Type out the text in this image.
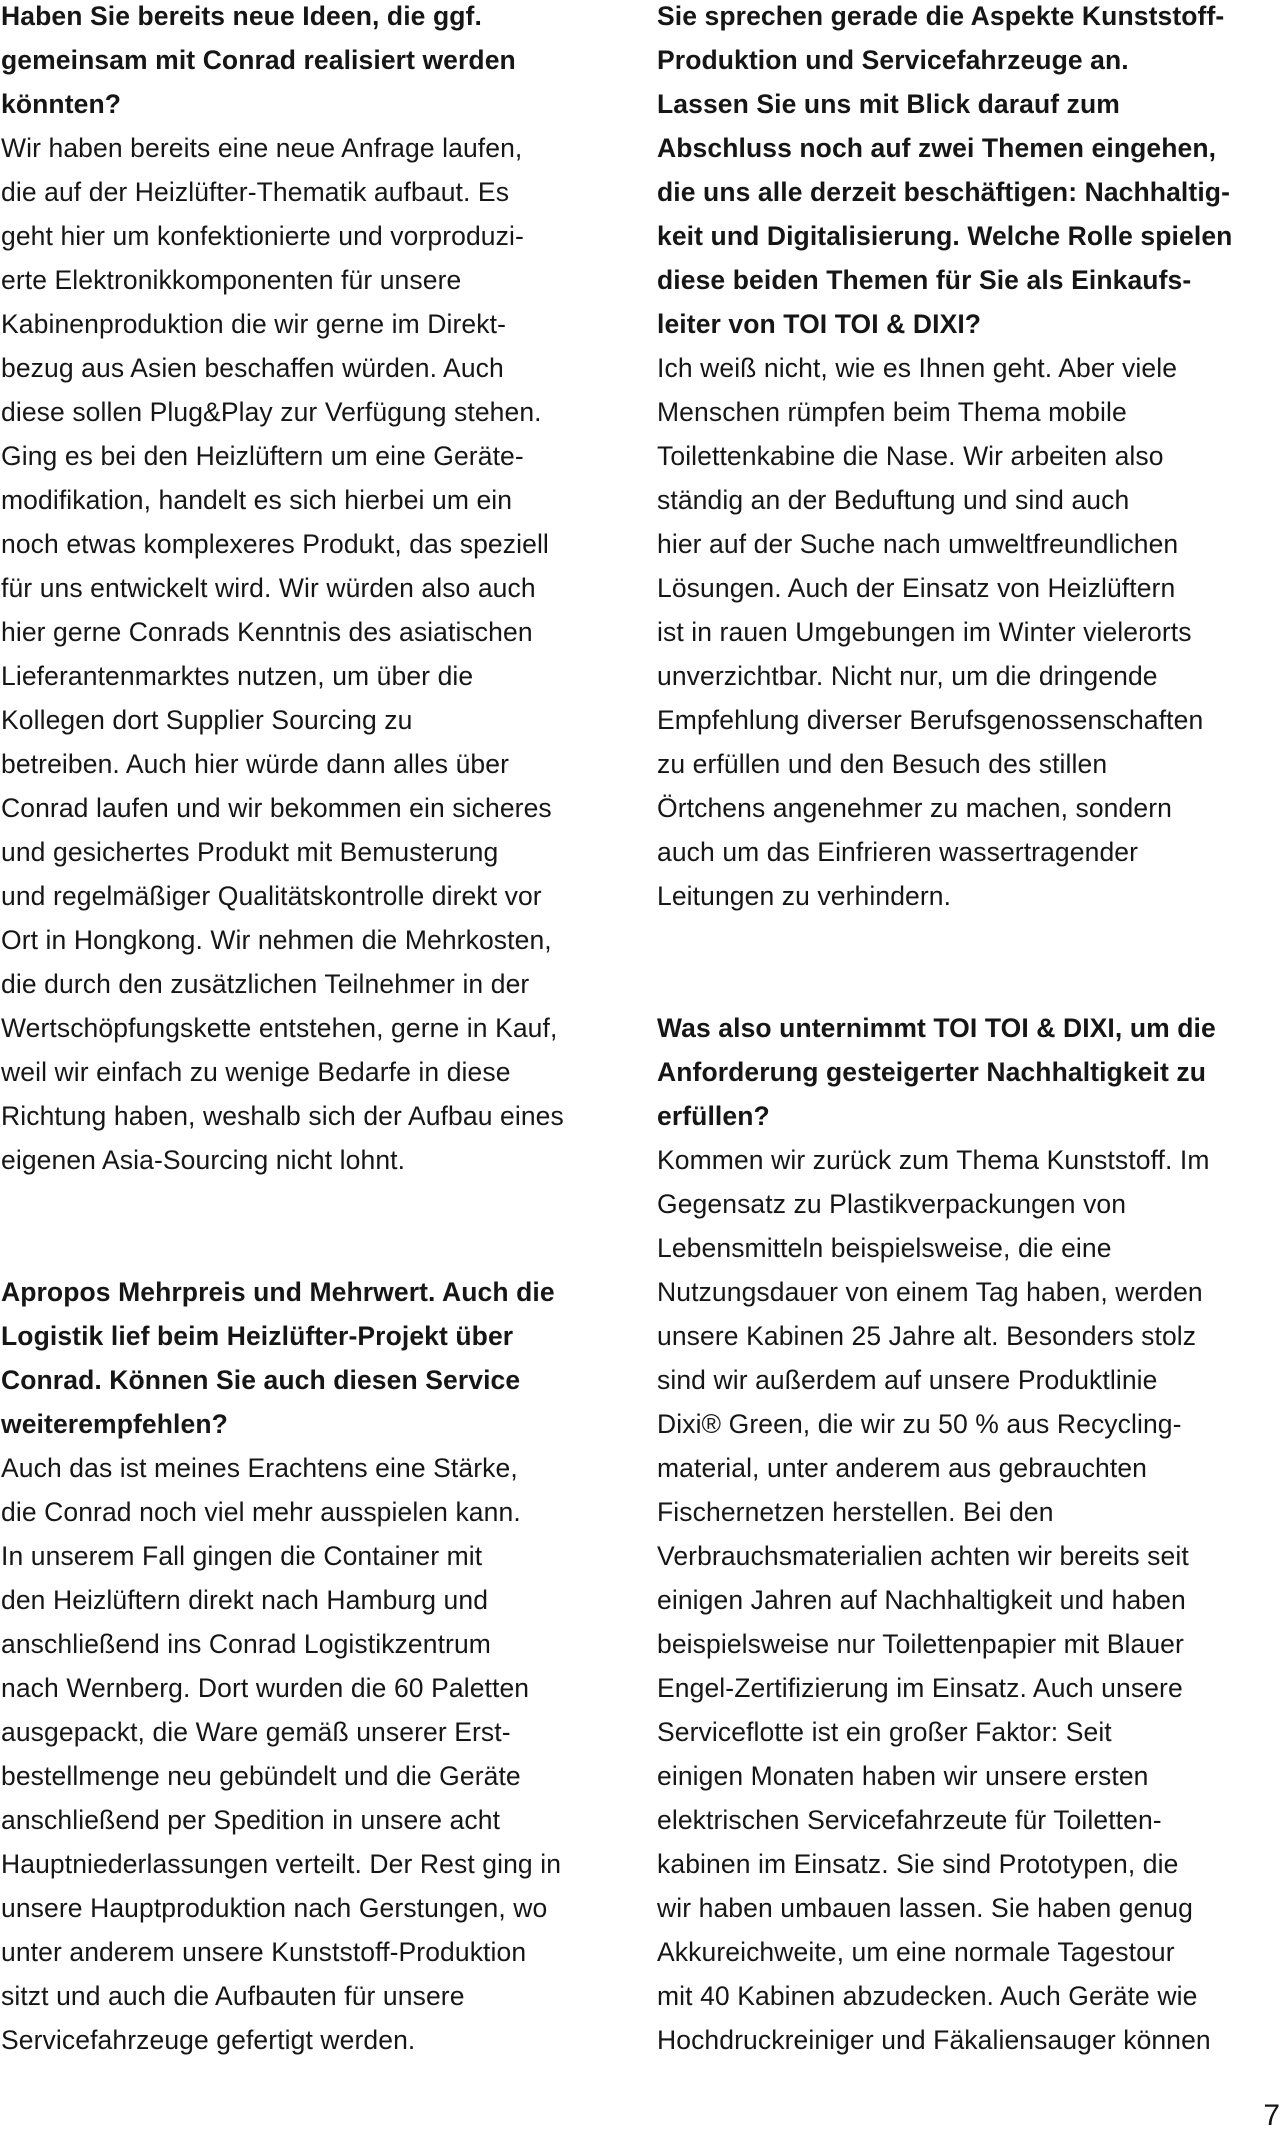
Haben Sie bereits neue Ideen, die ggf.
gemeinsam mit Conrad realisiert werden
könnten?

Wir haben bereits eine neue Anfrage laufen,
die auf der Heizlüfter-Thematik aufbaut. Es
geht hier um konfektionierte und vorproduzi-
erte Elektronikkomponenten für unsere
Kabinenproduktion die wir gerne im Direkt-
bezug aus Asien beschaffen würden. Auch
diese sollen Plug&Play zur Verfügung stehen.
Ging es bei den Heizlüftern um eine Geräte-
modifikation, handelt es sich hierbei um ein
noch etwas komplexeres Produkt, das speziell
für uns entwickelt wird. Wir würden also auch
hier gerne Conrads Kenntnis des asiatischen
Lieferantenmarktes nutzen, um über die
Kollegen dort Supplier Sourcing zu
betreiben. Auch hier würde dann alles über
Conrad laufen und wir bekommen ein sicheres
und gesichertes Produkt mit Bemusterung
und regelmäßiger Qualitätskontrolle direkt vor
Ort in Hongkong. Wir nehmen die Mehrkosten,
die durch den zusätzlichen Teilnehmer in der
Wertschöpfungskette entstehen, gerne in Kauf,
weil wir einfach zu wenige Bedarfe in diese
Richtung haben, weshalb sich der Aufbau eines
eigenen Asia-Sourcing nicht lohnt.

Apropos Mehrpreis und Mehrwert. Auch die
Logistik lief beim Heizlüfter-Projekt über
Conrad. Können Sie auch diesen Service
weiterempfehlen?

Auch das ist meines Erachtens eine Stärke,
die Conrad noch viel mehr ausspielen kann.
In unserem Fall gingen die Container mit
den Heizlüftern direkt nach Hamburg und
anschließend ins Conrad Logistikzentrum
nach Wernberg. Dort wurden die 60 Paletten
ausgepackt, die Ware gemäß unserer Erst-
bestellmenge neu gebündelt und die Geräte
anschließend per Spedition in unsere acht
Hauptniederlassungen verteilt. Der Rest ging in
unsere Hauptproduktion nach Gerstungen, wo
unter anderem unsere Kunststoff-Produktion
sitzt und auch die Aufbauten für unsere
Servicefahrzeuge gefertigt werden.

Sie sprechen gerade die Aspekte Kunststoff-
Produktion und Servicefahrzeuge an.
Lassen Sie uns mit Blick darauf zum
Abschluss noch auf zwei Themen eingehen,
die uns alle derzeit beschäftigen: Nachhaltig-
keit und Digitalisierung. Welche Rolle spielen
diese beiden Themen für Sie als Einkaufs-
leiter von TOI TOI & DIXI?

Ich weiß nicht, wie es Ihnen geht. Aber viele
Menschen rümpfen beim Thema mobile
Toilettenkabine die Nase. Wir arbeiten also
ständig an der Beduftung und sind auch
hier auf der Suche nach umweltfreundlichen
Lösungen. Auch der Einsatz von Heizlüftern
ist in rauen Umgebungen im Winter vielerorts
unverzichtbar. Nicht nur, um die dringende
Empfehlung diverser Berufsgenossenschaften
zu erfüllen und den Besuch des stillen
Örtchens angenehmer zu machen, sondern
auch um das Einfrieren wassertragender
Leitungen zu verhindern.

Was also unternimmt TOI TOI & DIXI, um die
Anforderung gesteigerter Nachhaltigkeit zu
erfüllen?

Kommen wir zurück zum Thema Kunststoff. Im
Gegensatz zu Plastikverpackungen von
Lebensmitteln beispielsweise, die eine
Nutzungsdauer von einem Tag haben, werden
unsere Kabinen 25 Jahre alt. Besonders stolz
sind wir außerdem auf unsere Produktlinie
Dixi® Green, die wir zu 50 % aus Recycling-
material, unter anderem aus gebrauchten
Fischernetzen herstellen. Bei den
Verbrauchsmaterialien achten wir bereits seit
einigen Jahren auf Nachhaltigkeit und haben
beispielsweise nur Toilettenpapier mit Blauer
Engel-Zertifizierung im Einsatz. Auch unsere
Serviceflotte ist ein großer Faktor: Seit
einigen Monaten haben wir unsere ersten
elektrischen Servicefahrzeute für Toiletten-
kabinen im Einsatz. Sie sind Prototypen, die
wir haben umbauen lassen. Sie haben genug
Akkureichweite, um eine normale Tagestour
mit 40 Kabinen abzudecken. Auch Geräte wie
Hochdruckreiniger und Fäkaliensauger können

7
